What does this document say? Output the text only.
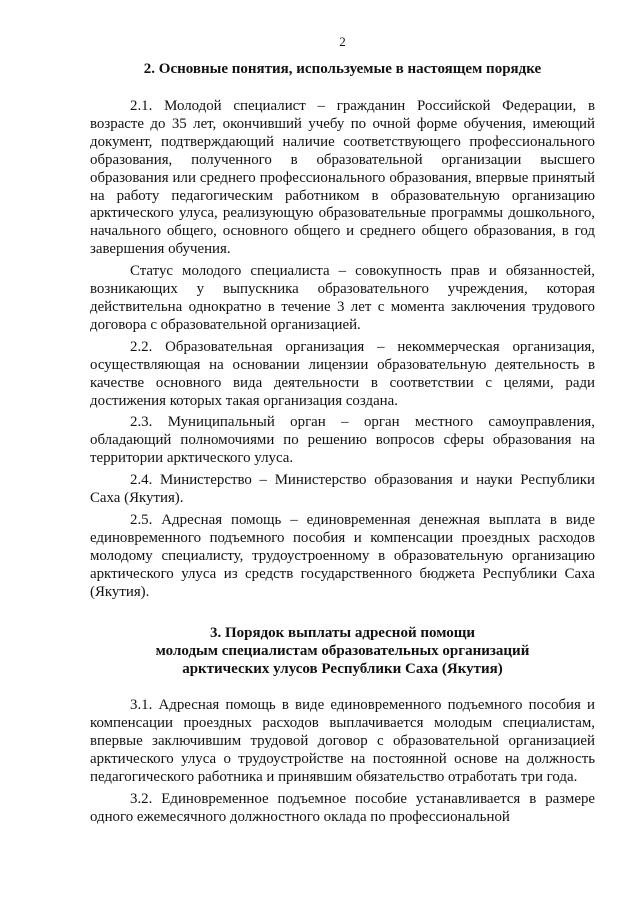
2
2. Основные понятия, используемые в настоящем порядке

2.1. Молодой специалист – гражданин Российской Федерации, в возрасте до 35 лет, окончивший учебу по очной форме обучения, имеющий документ, подтверждающий наличие соответствующего профессионального образования, полученного в образовательной организации высшего образования или среднего профессионального образования, впервые принятый на работу педагогическим работником в образовательную организацию арктического улуса, реализующую образовательные программы дошкольного, начального общего, основного общего и среднего общего образования, в год завершения обучения.

Статус молодого специалиста – совокупность прав и обязанностей, возникающих у выпускника образовательного учреждения, которая действительна однократно в течение 3 лет с момента заключения трудового договора с образовательной организацией.

2.2. Образовательная организация – некоммерческая организация, осуществляющая на основании лицензии образовательную деятельность в качестве основного вида деятельности в соответствии с целями, ради достижения которых такая организация создана.

2.3. Муниципальный орган – орган местного самоуправления, обладающий полномочиями по решению вопросов сферы образования на территории арктического улуса.

2.4. Министерство – Министерство образования и науки Республики Саха (Якутия).

2.5. Адресная помощь – единовременная денежная выплата в виде единовременного подъемного пособия и компенсации проездных расходов молодому специалисту, трудоустроенному в образовательную организацию арктического улуса из средств государственного бюджета Республики Саха (Якутия).

3. Порядок выплаты адресной помощи
молодым специалистам образовательных организаций
арктических улусов Республики Саха (Якутия)

3.1. Адресная помощь в виде единовременного подъемного пособия и компенсации проездных расходов выплачивается молодым специалистам, впервые заключившим трудовой договор с образовательной организацией арктического улуса о трудоустройстве на постоянной основе на должность педагогического работника и принявшим обязательство отработать три года.

3.2. Единовременное подъемное пособие устанавливается в размере одного ежемесячного должностного оклада по профессиональной
